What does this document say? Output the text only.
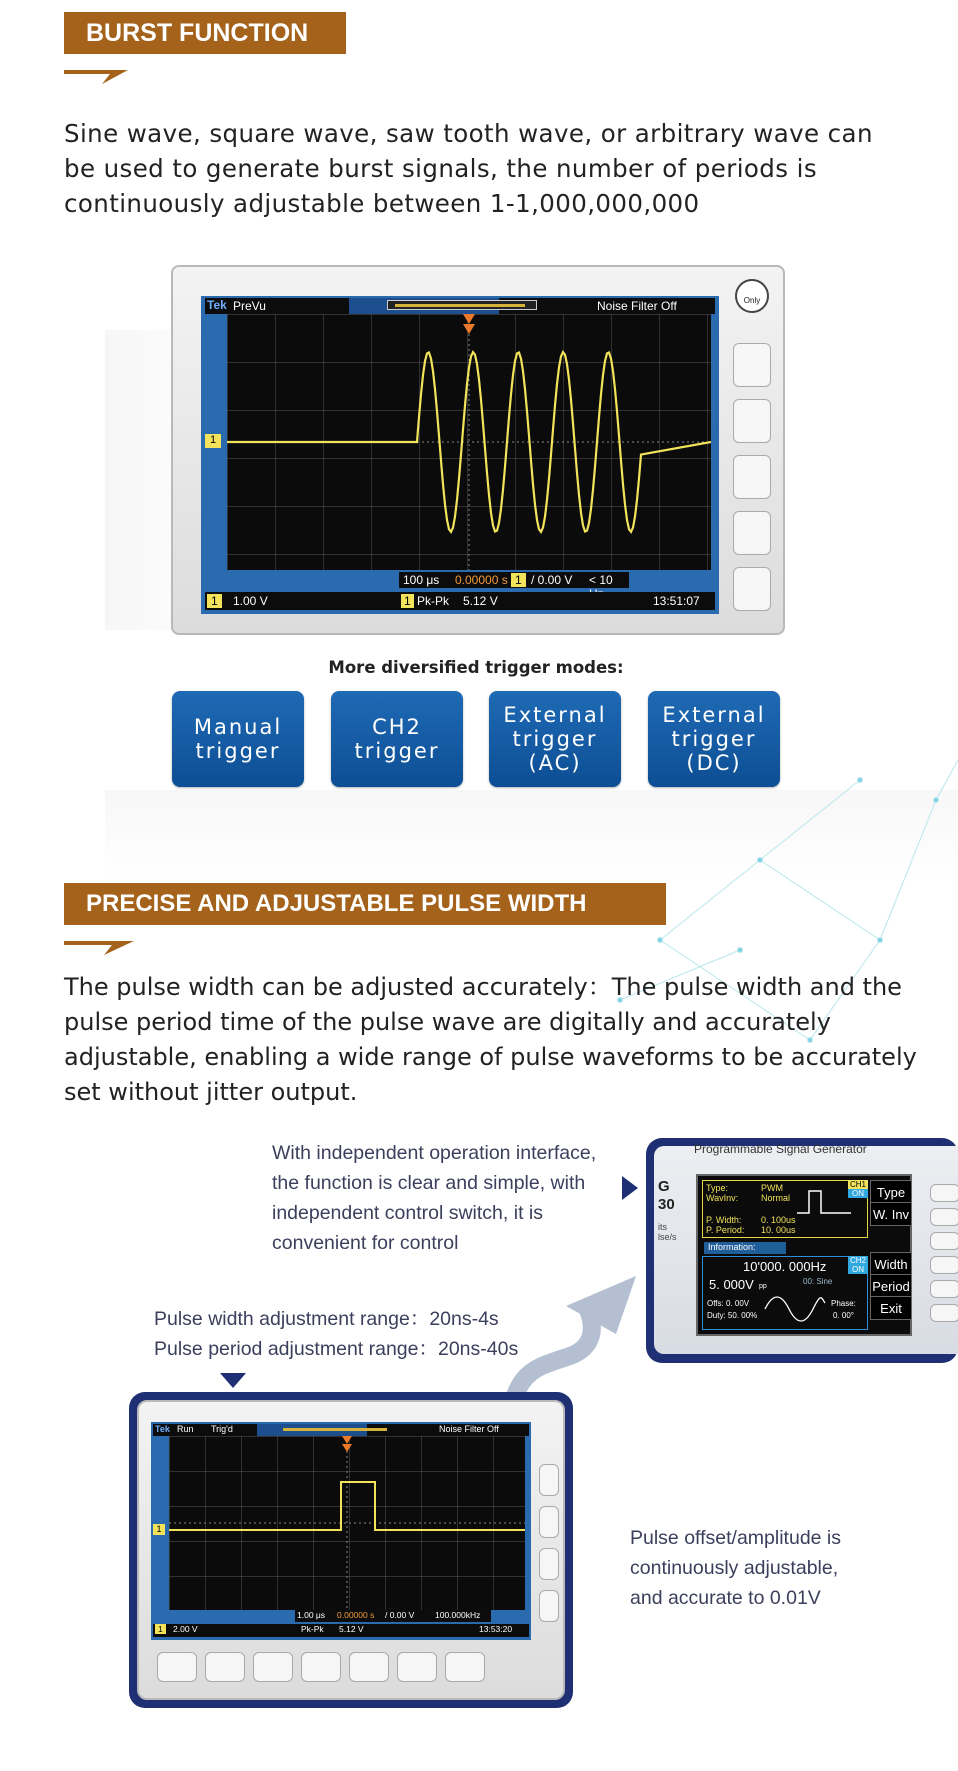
BURST FUNCTION
Sine wave, square wave, saw tooth wave, or arbitrary wave can be used to generate burst signals, the number of periods is continuously adjustable between 1-1,000,000,000
Tek PreVu	Noise Filter Off
1
100 μs 0.00000 s 1 / 0.00 V < 10
1	1.00 V	1 Pk-Pk 5.12 V	13:51:07
Only
More diversified trigger modes:
Manual
trigger
CH2
trigger
External
trigger
(AC)
External
trigger
(DC)
PRECISE AND ADJUSTABLE PULSE WIDTH
The pulse width can be adjusted accurately：The pulse width and the pulse period time of the pulse wave are digitally and accurately adjustable, enabling a wide range of pulse waveforms to be accurately set without jitter output.
With independent operation interface,
the function is clear and simple, with
independent control switch, it is
convenient for control
Pulse width adjustment range：20ns-4s
Pulse period adjustment range：20ns-40s
Pulse offset/amplitude is
continuously adjustable,
and accurate to 0.01V
Programmable Signal Generator
G
30
its
lse/s
Type:	PWM
WavInv:	Normal
P. Width: 0. 100us
P. Period: 10. 00us
CH1
ON
Information:
10'000. 000Hz
5. 000V pp
00: Sine
Offs: 0. 00V
Duty: 50. 00%
Phase:
0. 00°
CH2
ON
Type
W. Inv
Width
Period
Exit
Tek Run Trig'd	Noise Filter Off
1
1.00 μs 0.00000 s / 0.00 V 100.000kHz
1	2.00 V	Pk-Pk 5.12 V	13:53:20
